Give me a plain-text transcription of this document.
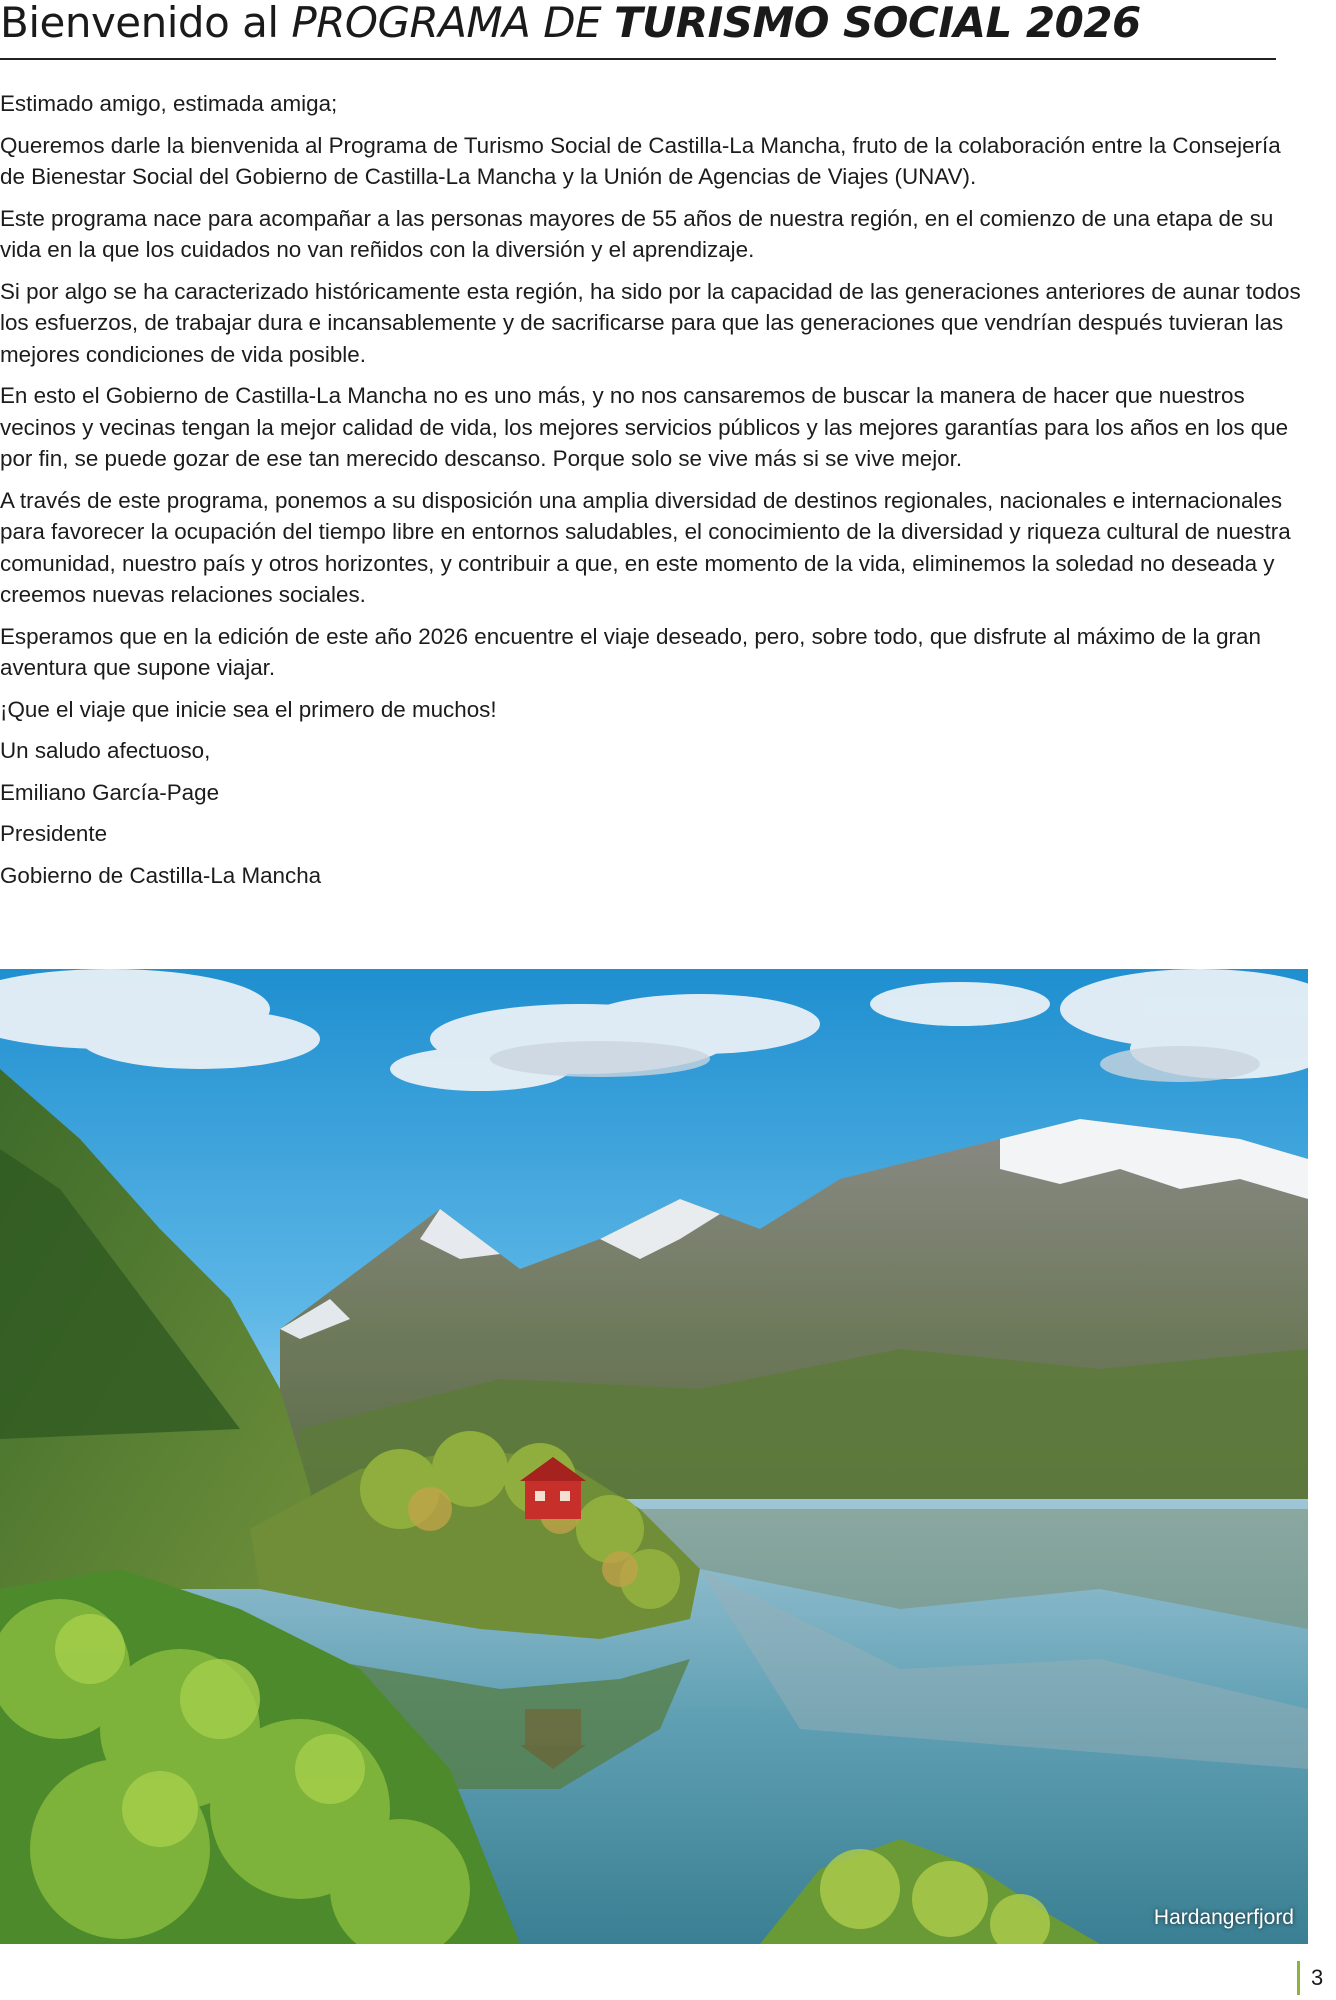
Bienvenido al PROGRAMA DE TURISMO SOCIAL 2026

Estimado amigo, estimada amiga;

Queremos darle la bienvenida al Programa de Turismo Social de Castilla-La Mancha, fruto de la colaboración entre la Consejería de Bienestar Social del Gobierno de Castilla-La Mancha y la Unión de Agencias de Viajes (UNAV).

Este programa nace para acompañar a las personas mayores de 55 años de nuestra región, en el comienzo de una etapa de su vida en la que los cuidados no van reñidos con la diversión y el aprendizaje.

Si por algo se ha caracterizado históricamente esta región, ha sido por la capacidad de las generaciones anteriores de aunar todos los esfuerzos, de trabajar dura e incansablemente y de sacrificarse para que las generaciones que vendrían después tuvieran las mejores condiciones de vida posible.

En esto el Gobierno de Castilla-La Mancha no es uno más, y no nos cansaremos de buscar la manera de hacer que nuestros vecinos y vecinas tengan la mejor calidad de vida, los mejores servicios públicos y las mejores garantías para los años en los que por fin, se puede gozar de ese tan merecido descanso. Porque solo se vive más si se vive mejor.

A través de este programa, ponemos a su disposición una amplia diversidad de destinos regionales, nacionales e internacionales para favorecer la ocupación del tiempo libre en entornos saludables, el conocimiento de la diversidad y riqueza cultural de nuestra comunidad, nuestro país y otros horizontes, y contribuir a que, en este momento de la vida, eliminemos la soledad no deseada y creemos nuevas relaciones sociales.

Esperamos que en la edición de este año 2026 encuentre el viaje deseado, pero, sobre todo, que disfrute al máximo de la gran aventura que supone viajar.

¡Que el viaje que inicie sea el primero de muchos!

Un saludo afectuoso,

Emiliano García-Page

Presidente

Gobierno de Castilla-La Mancha

Hardangerfjord
3
